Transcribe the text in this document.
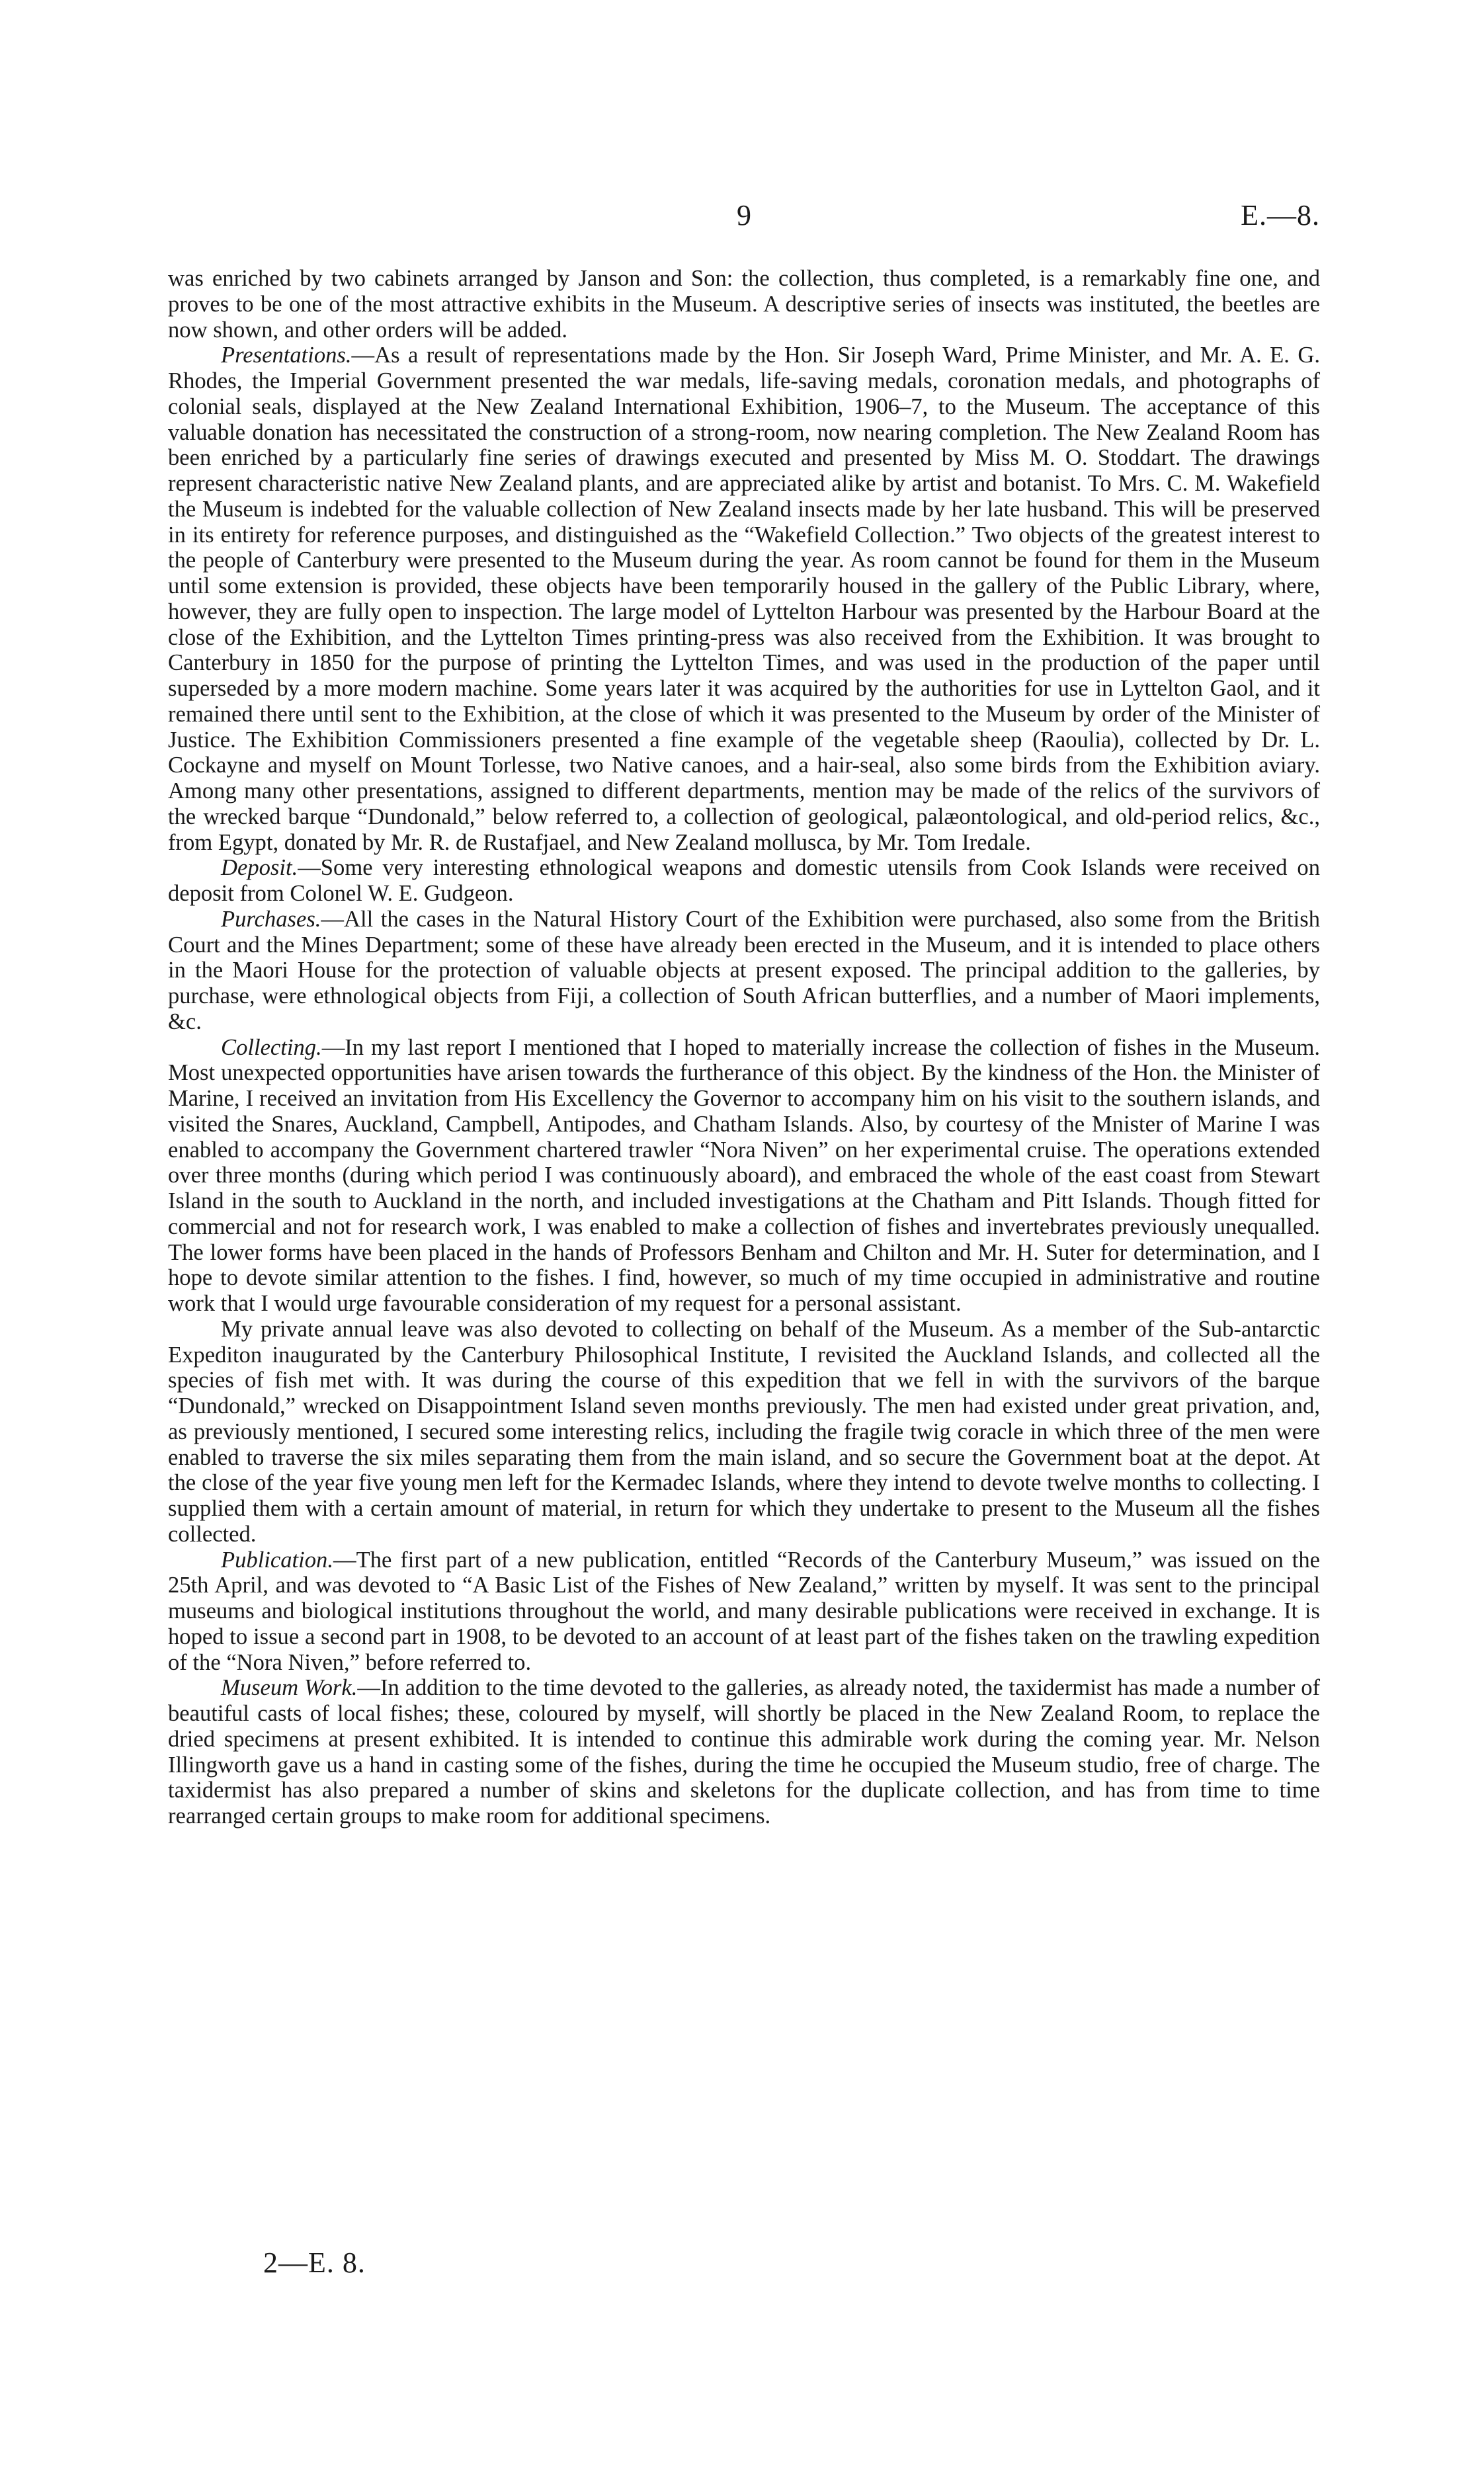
9	E.—8.

was enriched by two cabinets arranged by Janson and Son: the collection, thus completed, is a remarkably fine one, and proves to be one of the most attractive exhibits in the Museum. A descriptive series of insects was instituted, the beetles are now shown, and other orders will be added.

Presentations.—As a result of representations made by the Hon. Sir Joseph Ward, Prime Minister, and Mr. A. E. G. Rhodes, the Imperial Government presented the war medals, life-saving medals, coronation medals, and photographs of colonial seals, displayed at the New Zealand International Exhibition, 1906–7, to the Museum. The acceptance of this valuable donation has necessitated the construction of a strong-room, now nearing completion. The New Zealand Room has been enriched by a particularly fine series of drawings executed and presented by Miss M. O. Stoddart. The drawings represent characteristic native New Zealand plants, and are appreciated alike by artist and botanist. To Mrs. C. M. Wakefield the Museum is indebted for the valuable collection of New Zealand insects made by her late husband. This will be preserved in its entirety for reference purposes, and distinguished as the “Wakefield Collection.” Two objects of the greatest interest to the people of Canterbury were presented to the Museum during the year. As room cannot be found for them in the Museum until some extension is provided, these objects have been temporarily housed in the gallery of the Public Library, where, however, they are fully open to inspection. The large model of Lyttelton Harbour was presented by the Harbour Board at the close of the Exhibition, and the Lyttelton Times printing-press was also received from the Exhibition. It was brought to Canterbury in 1850 for the purpose of printing the Lyttelton Times, and was used in the production of the paper until superseded by a more modern machine. Some years later it was acquired by the authorities for use in Lyttelton Gaol, and it remained there until sent to the Exhibition, at the close of which it was presented to the Museum by order of the Minister of Justice. The Exhibition Commissioners presented a fine example of the vegetable sheep (Raoulia), collected by Dr. L. Cockayne and myself on Mount Torlesse, two Native canoes, and a hair-seal, also some birds from the Exhibition aviary. Among many other presentations, assigned to different departments, mention may be made of the relics of the survivors of the wrecked barque “Dundonald,” below referred to, a collection of geological, palæontological, and old-period relics, &c., from Egypt, donated by Mr. R. de Rustafjael, and New Zealand mollusca, by Mr. Tom Iredale.

Deposit.—Some very interesting ethnological weapons and domestic utensils from Cook Islands were received on deposit from Colonel W. E. Gudgeon.

Purchases.—All the cases in the Natural History Court of the Exhibition were purchased, also some from the British Court and the Mines Department; some of these have already been erected in the Museum, and it is intended to place others in the Maori House for the protection of valuable objects at present exposed. The principal addition to the galleries, by purchase, were ethnological objects from Fiji, a collection of South African butterflies, and a number of Maori implements, &c.

Collecting.—In my last report I mentioned that I hoped to materially increase the collection of fishes in the Museum. Most unexpected opportunities have arisen towards the furtherance of this object. By the kindness of the Hon. the Minister of Marine, I received an invitation from His Excellency the Governor to accompany him on his visit to the southern islands, and visited the Snares, Auckland, Campbell, Antipodes, and Chatham Islands. Also, by courtesy of the Mnister of Marine I was enabled to accompany the Government chartered trawler “Nora Niven” on her experimental cruise. The operations extended over three months (during which period I was continuously aboard), and embraced the whole of the east coast from Stewart Island in the south to Auckland in the north, and included investigations at the Chatham and Pitt Islands. Though fitted for commercial and not for research work, I was enabled to make a collection of fishes and invertebrates previously unequalled. The lower forms have been placed in the hands of Professors Benham and Chilton and Mr. H. Suter for determination, and I hope to devote similar attention to the fishes. I find, however, so much of my time occupied in administrative and routine work that I would urge favourable consideration of my request for a personal assistant.

My private annual leave was also devoted to collecting on behalf of the Museum. As a member of the Sub-antarctic Expediton inaugurated by the Canterbury Philosophical Institute, I revisited the Auckland Islands, and collected all the species of fish met with. It was during the course of this expedition that we fell in with the survivors of the barque “Dundonald,” wrecked on Disappointment Island seven months previously. The men had existed under great privation, and, as previously mentioned, I secured some interesting relics, including the fragile twig coracle in which three of the men were enabled to traverse the six miles separating them from the main island, and so secure the Government boat at the depot. At the close of the year five young men left for the Kermadec Islands, where they intend to devote twelve months to collecting. I supplied them with a certain amount of material, in return for which they undertake to present to the Museum all the fishes collected.

Publication.—The first part of a new publication, entitled “Records of the Canterbury Museum,” was issued on the 25th April, and was devoted to “A Basic List of the Fishes of New Zealand,” written by myself. It was sent to the principal museums and biological institutions throughout the world, and many desirable publications were received in exchange. It is hoped to issue a second part in 1908, to be devoted to an account of at least part of the fishes taken on the trawling expedition of the “Nora Niven,” before referred to.

Museum Work.—In addition to the time devoted to the galleries, as already noted, the taxidermist has made a number of beautiful casts of local fishes; these, coloured by myself, will shortly be placed in the New Zealand Room, to replace the dried specimens at present exhibited. It is intended to continue this admirable work during the coming year. Mr. Nelson Illingworth gave us a hand in casting some of the fishes, during the time he occupied the Museum studio, free of charge. The taxidermist has also prepared a number of skins and skeletons for the duplicate collection, and has from time to time rearranged certain groups to make room for additional specimens.

2—E. 8.
